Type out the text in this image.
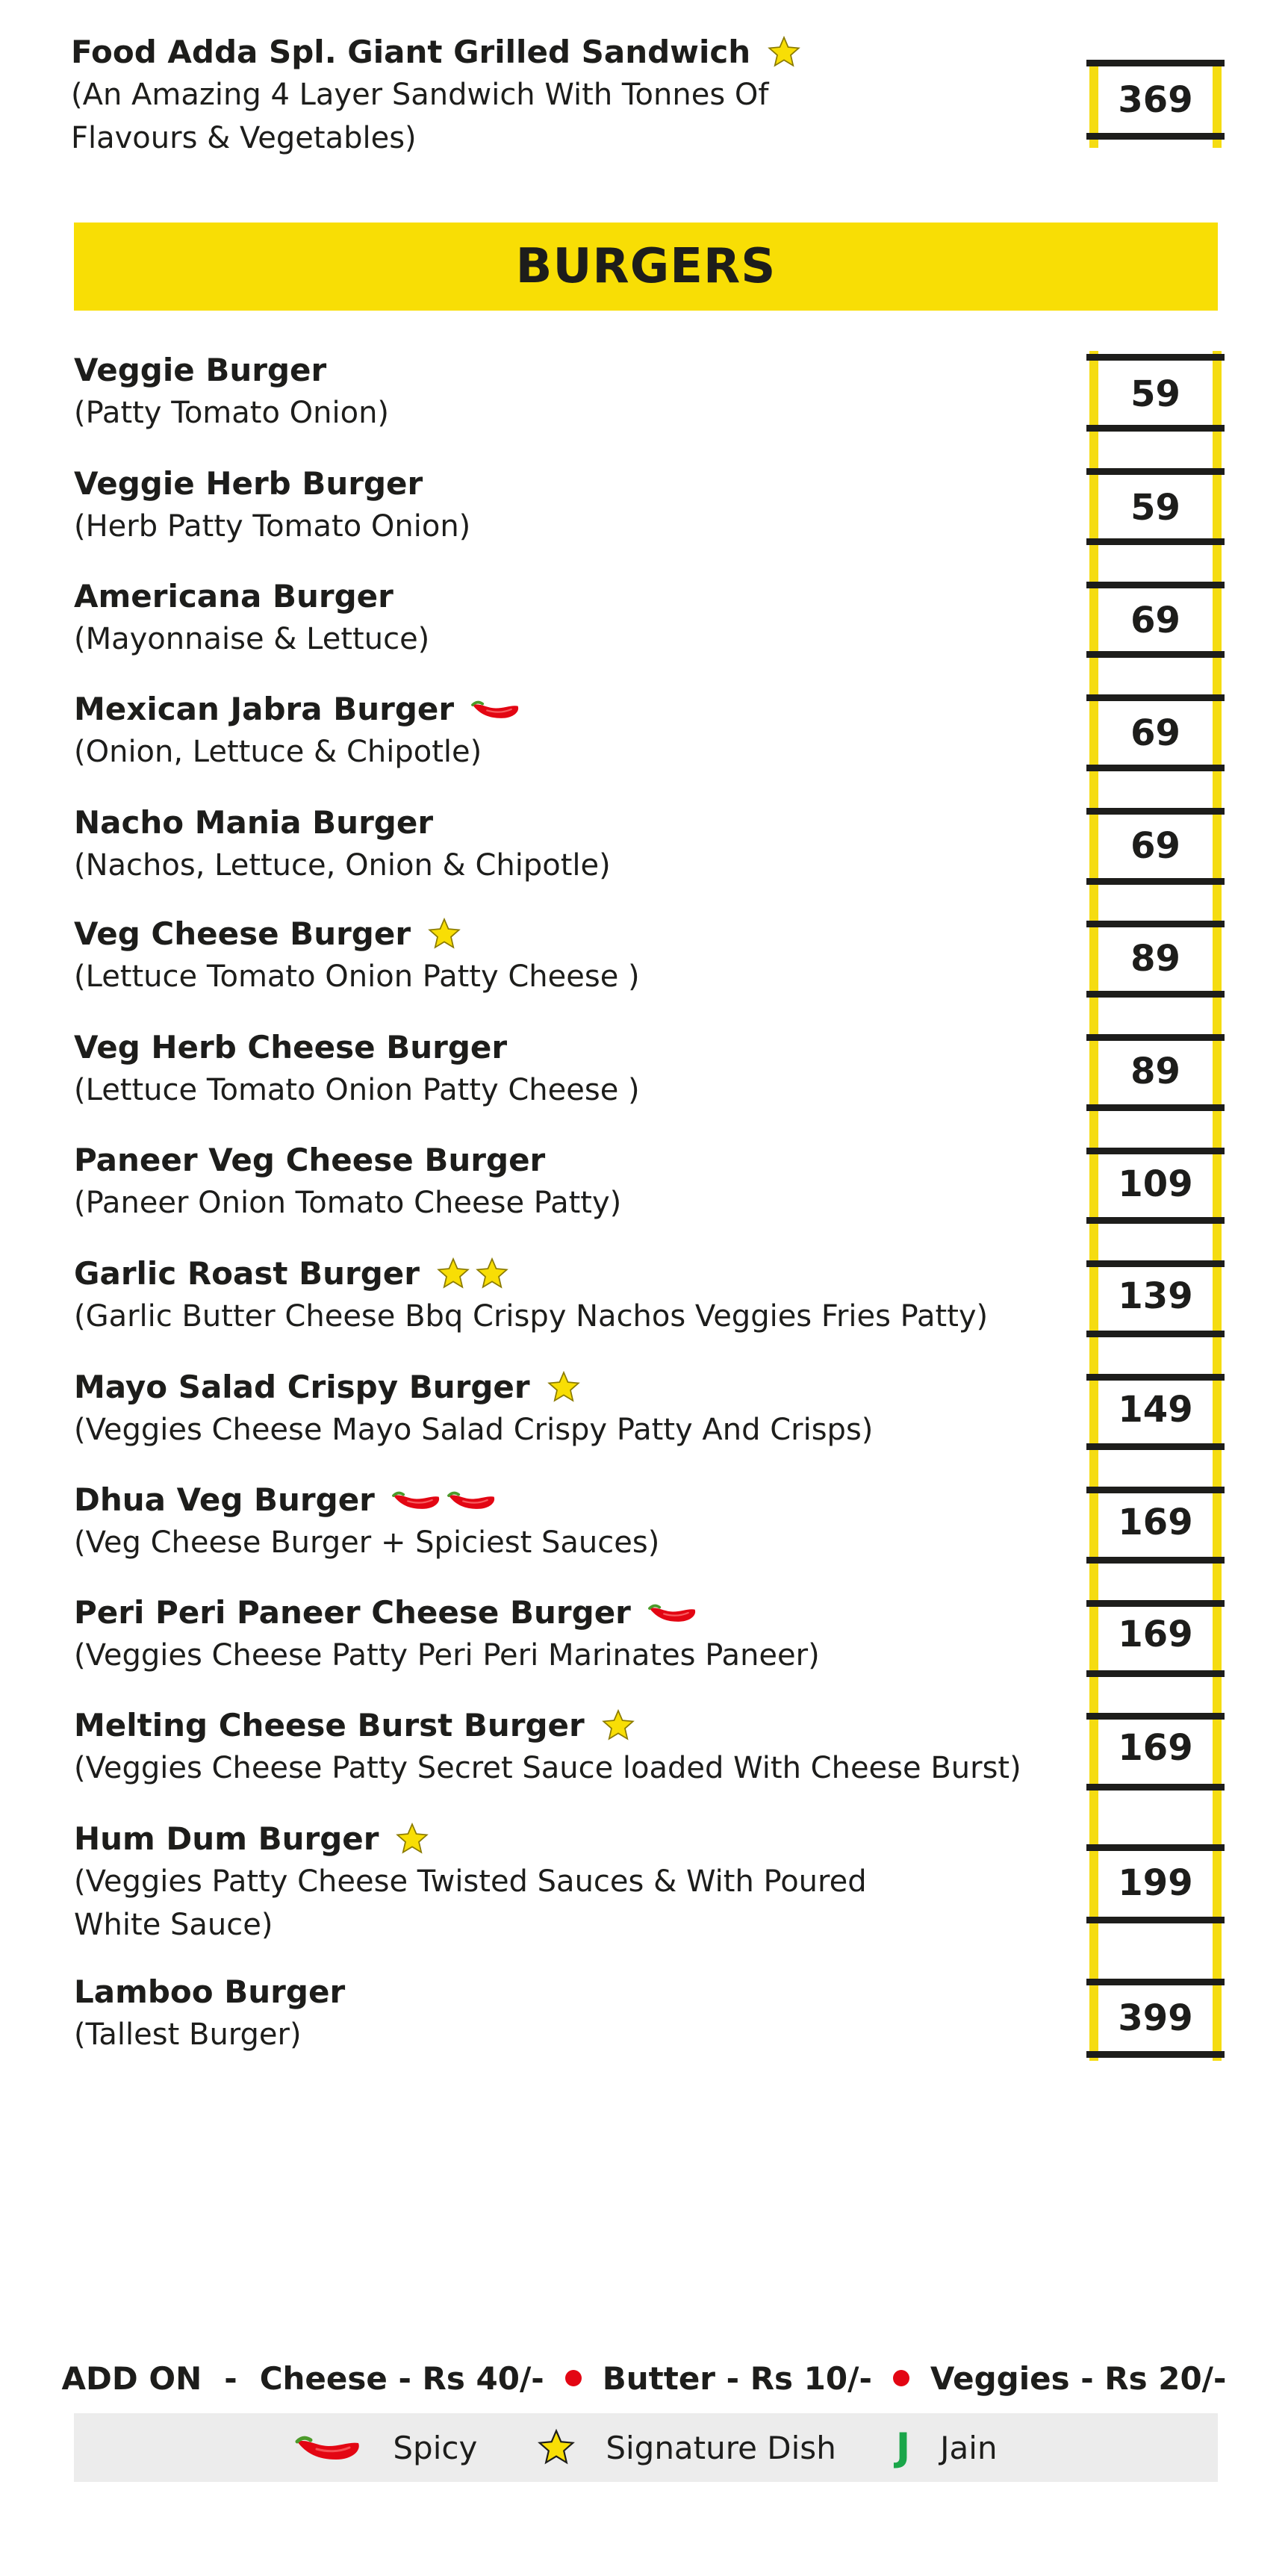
Food Adda Spl. Giant Grilled Sandwich
(An Amazing 4 Layer Sandwich With Tonnes Of
Flavours & Vegetables)
369
BURGERS
Veggie Burger
(Patty Tomato Onion)
Veggie Herb Burger
(Herb Patty Tomato Onion)
Americana Burger
(Mayonnaise & Lettuce)
Mexican Jabra Burger
(Onion, Lettuce & Chipotle)
Nacho Mania Burger
(Nachos, Lettuce, Onion & Chipotle)
Veg Cheese Burger
(Lettuce Tomato Onion Patty Cheese )
Veg Herb Cheese Burger
(Lettuce Tomato Onion Patty Cheese )
Paneer Veg Cheese Burger
(Paneer Onion Tomato Cheese Patty)
Garlic Roast Burger
(Garlic Butter Cheese Bbq Crispy Nachos Veggies Fries Patty)
Mayo Salad Crispy Burger
(Veggies Cheese Mayo Salad Crispy Patty And Crisps)
Dhua Veg Burger
(Veg Cheese Burger + Spiciest Sauces)
Peri Peri Paneer Cheese Burger
(Veggies Cheese Patty Peri Peri Marinates Paneer)
Melting Cheese Burst Burger
(Veggies Cheese Patty Secret Sauce loaded With Cheese Burst)
Hum Dum Burger
(Veggies Patty Cheese Twisted Sauces & With Poured
White Sauce)
Lamboo Burger
(Tallest Burger)
59
59
69
69
69
89
89
109
139
149
169
169
169
199
399
ADD ON - Cheese - Rs 40/- Butter - Rs 10/- Veggies - Rs 20/-
Spicy	Signature Dish J Jain
